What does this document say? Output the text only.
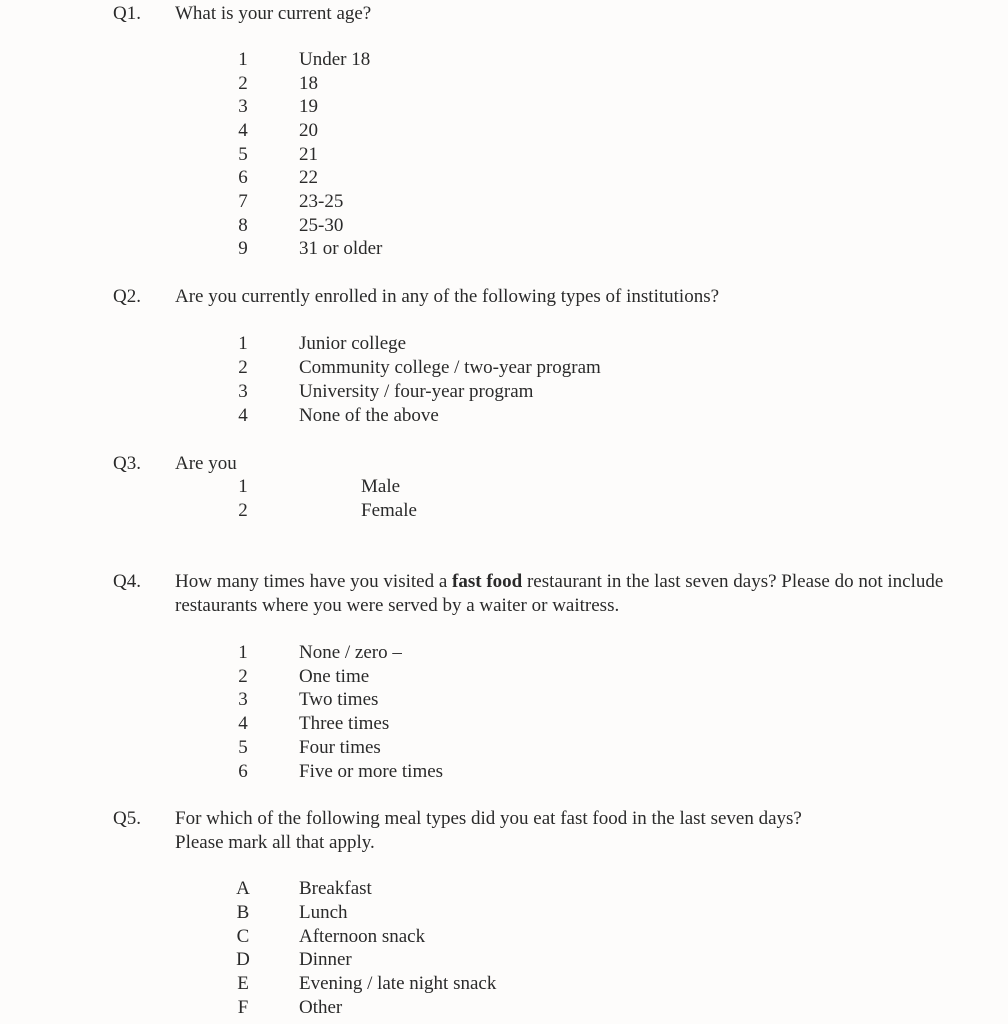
Q1. What is your current age?
1	Under 18
2	18
3	19
4	20
5	21
6	22
7	23-25
8	25-30
9	31 or older
Q2. Are you currently enrolled in any of the following types of institutions?
1	Junior college
2	Community college / two-year program
3	University / four-year program
4	None of the above
Q3. Are you
1	Male
2	Female
Q4. How many times have you visited a fast food restaurant in the last seven days? Please do not include restaurants where you were served by a waiter or waitress.
1	None / zero –
2	One time
3	Two times
4	Three times
5	Four times
6	Five or more times
Q5. For which of the following meal types did you eat fast food in the last seven days?
Please mark all that apply.
A	Breakfast
B	Lunch
C	Afternoon snack
D	Dinner
E	Evening / late night snack
F	Other
